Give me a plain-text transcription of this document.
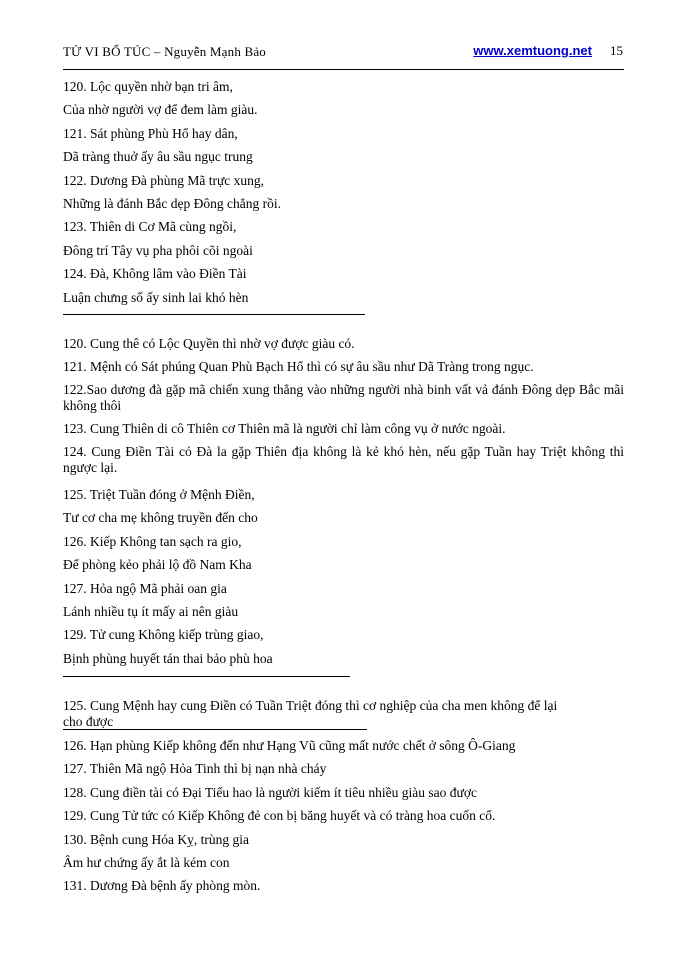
TỬ VI BỔ TÚC – Nguyễn Mạnh Bảo	www.xemtuong.net 15

120. Lộc quyền nhờ bạn tri âm,

Của nhờ người vợ để đem làm giàu.

121. Sát phùng Phù Hổ hay dân,

Dã tràng thuở ấy âu sầu ngục trung

122. Dương Đà phùng Mã trực xung,

Những là đánh Bắc dẹp Đông chẳng rồi.

123. Thiên di Cơ Mã cùng ngồi,

Đông trí Tây vụ pha phôi cõi ngoài

124. Đà, Không lâm vào Điền Tài

Luận chưng số ấy sinh lai khó hèn

120. Cung thê có Lộc Quyền thì nhờ vợ được giàu có.

121. Mệnh có Sát phúng Quan Phù Bạch Hổ thì có sự âu sầu như Dã Tràng trong ngục.

122.Sao dương đà gặp mã chiến xung thẳng vào những người nhà binh vất vả đánh Đông dẹp Bắc mãi không thôi

123. Cung Thiên di cô Thiên cơ Thiên mã là người chỉ làm công vụ ở nước ngoài.

124. Cung Điền Tài có Đà la gặp Thiên địa không là kẻ khó hèn, nếu gặp Tuần hay Triệt không thì ngược lại.

125. Triệt Tuần đóng ở Mệnh Điền,

Tư cơ cha mẹ không truyền đến cho

126. Kiếp Không tan sạch ra gio,

Để phòng kẻo phải lộ đồ Nam Kha

127. Hỏa ngộ Mã phải oan gia

Lánh nhiều tụ ít mấy ai nên giàu

129. Tử cung Không kiếp trùng giao,

Bịnh phùng huyết tán thai bảo phù hoa

125. Cung Mệnh hay cung Điền có Tuần Triệt đóng thì cơ nghiệp của cha men không để lại

cho được

126. Hạn phùng Kiếp không đến như Hạng Vũ cũng mất nước chết ở sông Ô-Giang

127. Thiên Mã ngộ Hỏa Tinh thì bị nạn nhà cháy

128. Cung điền tài có Đại Tiểu hao là người kiếm ít tiêu nhiều giàu sao được

129. Cung Tử tức có Kiếp Không đẻ con bị băng huyết và có tràng hoa cuốn cổ.

130. Bệnh cung Hóa Kỵ, trùng gia

Âm hư chứng ấy ắt là kém con

131. Dương Đà bệnh ấy phòng mòn.
